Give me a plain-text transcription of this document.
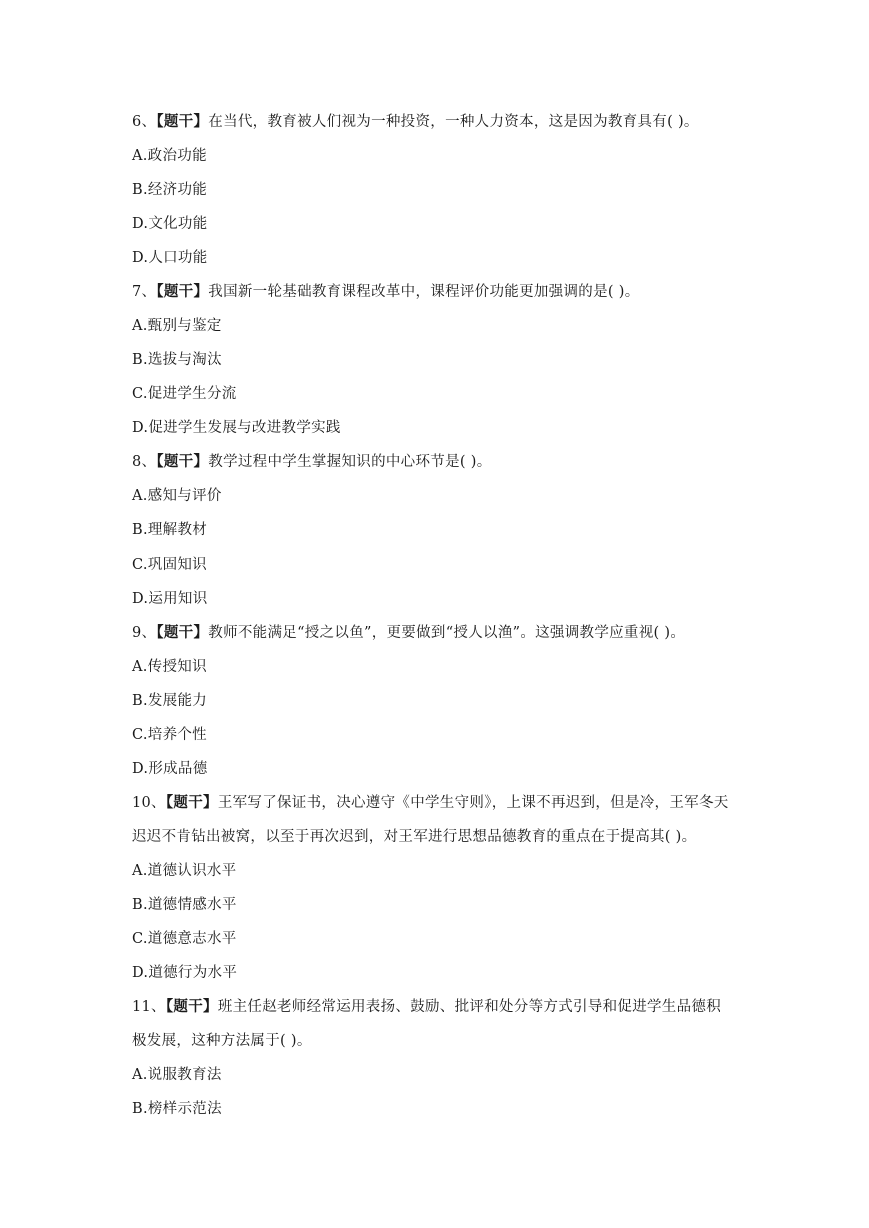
6、【题干】在当代，教育被人们视为一种投资，一种人力资本，这是因为教育具有( )。
A.政治功能
B.经济功能
D.文化功能
D.人口功能
7、【题干】我国新一轮基础教育课程改革中，课程评价功能更加强调的是( )。
A.甄别与鉴定
B.选拔与淘汰
C.促进学生分流
D.促进学生发展与改进教学实践
8、【题干】教学过程中学生掌握知识的中心环节是( )。
A.感知与评价
B.理解教材
C.巩固知识
D.运用知识
9、【题干】教师不能满足“授之以鱼”，更要做到“授人以渔”。这强调教学应重视( )。
A.传授知识
B.发展能力
C.培养个性
D.形成品德
10、【题干】王军写了保证书，决心遵守《中学生守则》，上课不再迟到，但是冷，王军冬天
迟迟不肯钻出被窝，以至于再次迟到，对王军进行思想品德教育的重点在于提高其( )。
A.道德认识水平
B.道德情感水平
C.道德意志水平
D.道德行为水平
11、【题干】班主任赵老师经常运用表扬、鼓励、批评和处分等方式引导和促进学生品德积
极发展，这种方法属于( )。
A.说服教育法
B.榜样示范法
